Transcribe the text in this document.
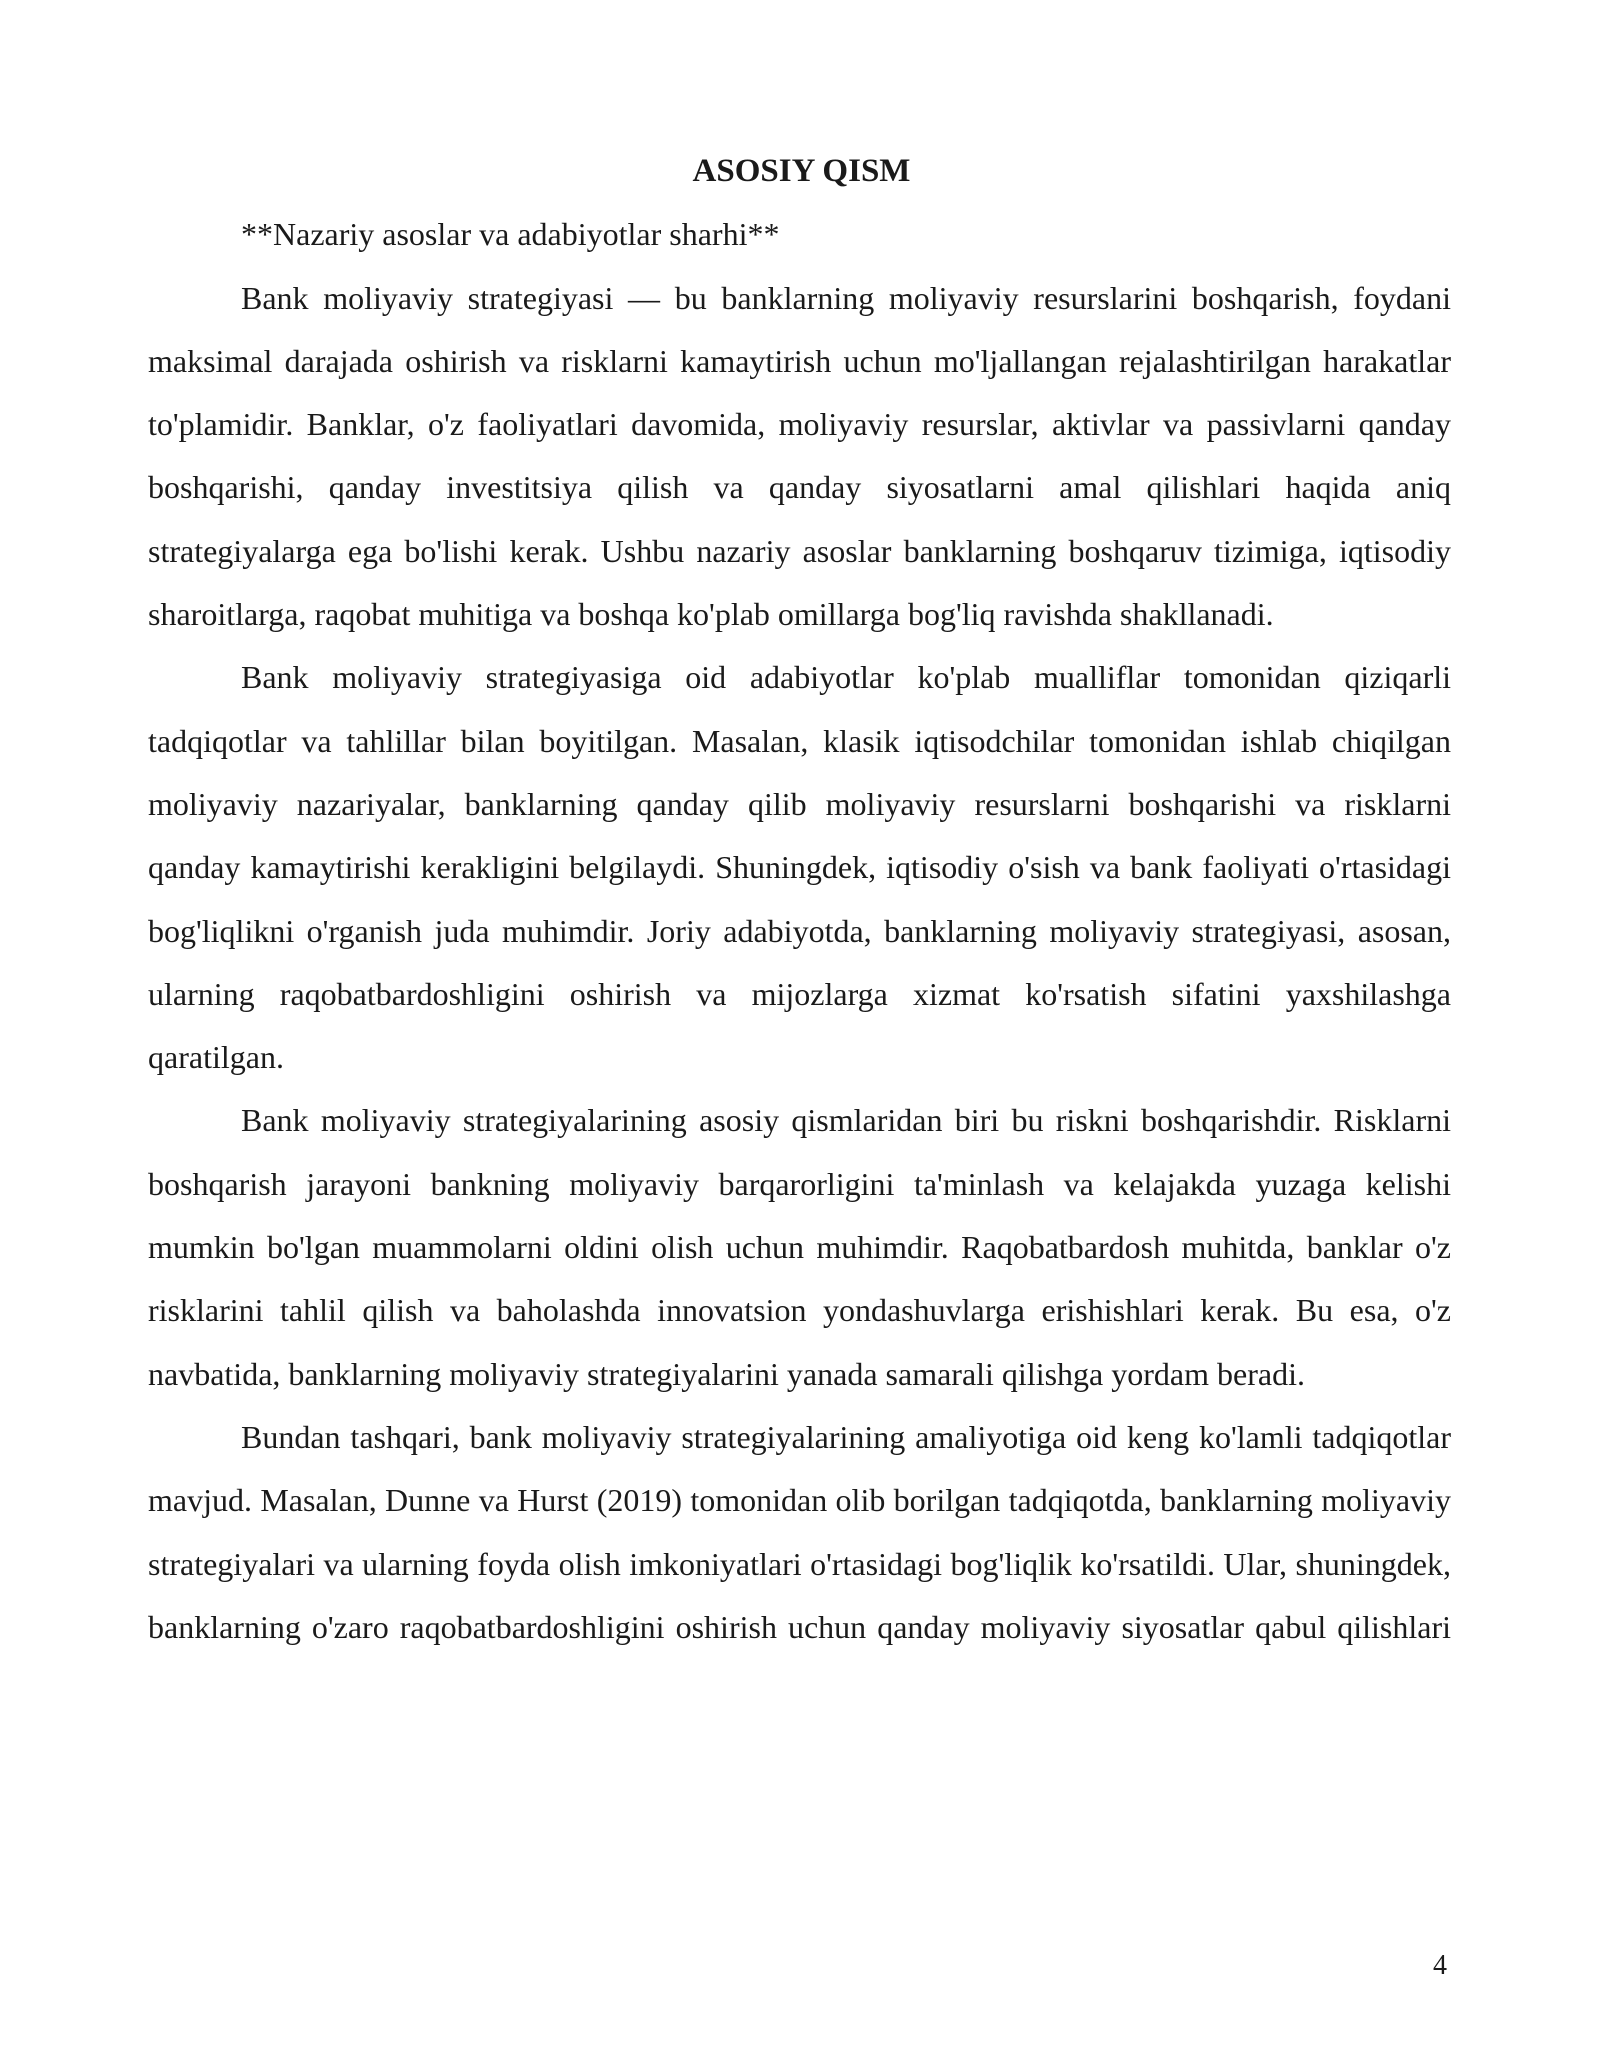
ASOSIY QISM

**Nazariy asoslar va adabiyotlar sharhi**

Bank moliyaviy strategiyasi — bu banklarning moliyaviy resurslarini boshqarish, foydani maksimal darajada oshirish va risklarni kamaytirish uchun mo'ljallangan rejalashtirilgan harakatlar to'plamidir. Banklar, o'z faoliyatlari davomida, moliyaviy resurslar, aktivlar va passivlarni qanday boshqarishi, qanday investitsiya qilish va qanday siyosatlarni amal qilishlari haqida aniq strategiyalarga ega bo'lishi kerak. Ushbu nazariy asoslar banklarning boshqaruv tizimiga, iqtisodiy sharoitlarga, raqobat muhitiga va boshqa ko'plab omillarga bog'liq ravishda shakllanadi.

Bank moliyaviy strategiyasiga oid adabiyotlar ko'plab mualliflar tomonidan qiziqarli tadqiqotlar va tahlillar bilan boyitilgan. Masalan, klasik iqtisodchilar tomonidan ishlab chiqilgan moliyaviy nazariyalar, banklarning qanday qilib moliyaviy resurslarni boshqarishi va risklarni qanday kamaytirishi kerakligini belgilaydi. Shuningdek, iqtisodiy o'sish va bank faoliyati o'rtasidagi bog'liqlikni o'rganish juda muhimdir. Joriy adabiyotda, banklarning moliyaviy strategiyasi, asosan, ularning raqobatbardoshligini oshirish va mijozlarga xizmat ko'rsatish sifatini yaxshilashga qaratilgan.

Bank moliyaviy strategiyalarining asosiy qismlaridan biri bu riskni boshqarishdir. Risklarni boshqarish jarayoni bankning moliyaviy barqarorligini ta'minlash va kelajakda yuzaga kelishi mumkin bo'lgan muammolarni oldini olish uchun muhimdir. Raqobatbardosh muhitda, banklar o'z risklarini tahlil qilish va baholashda innovatsion yondashuvlarga erishishlari kerak. Bu esa, o'z navbatida, banklarning moliyaviy strategiyalarini yanada samarali qilishga yordam beradi.

Bundan tashqari, bank moliyaviy strategiyalarining amaliyotiga oid keng ko'lamli tadqiqotlar mavjud. Masalan, Dunne va Hurst (2019) tomonidan olib borilgan tadqiqotda, banklarning moliyaviy strategiyalari va ularning foyda olish imkoniyatlari o'rtasidagi bog'liqlik ko'rsatildi. Ular, shuningdek, banklarning o'zaro raqobatbardoshligini oshirish uchun qanday moliyaviy siyosatlar qabul qilishlari

4
